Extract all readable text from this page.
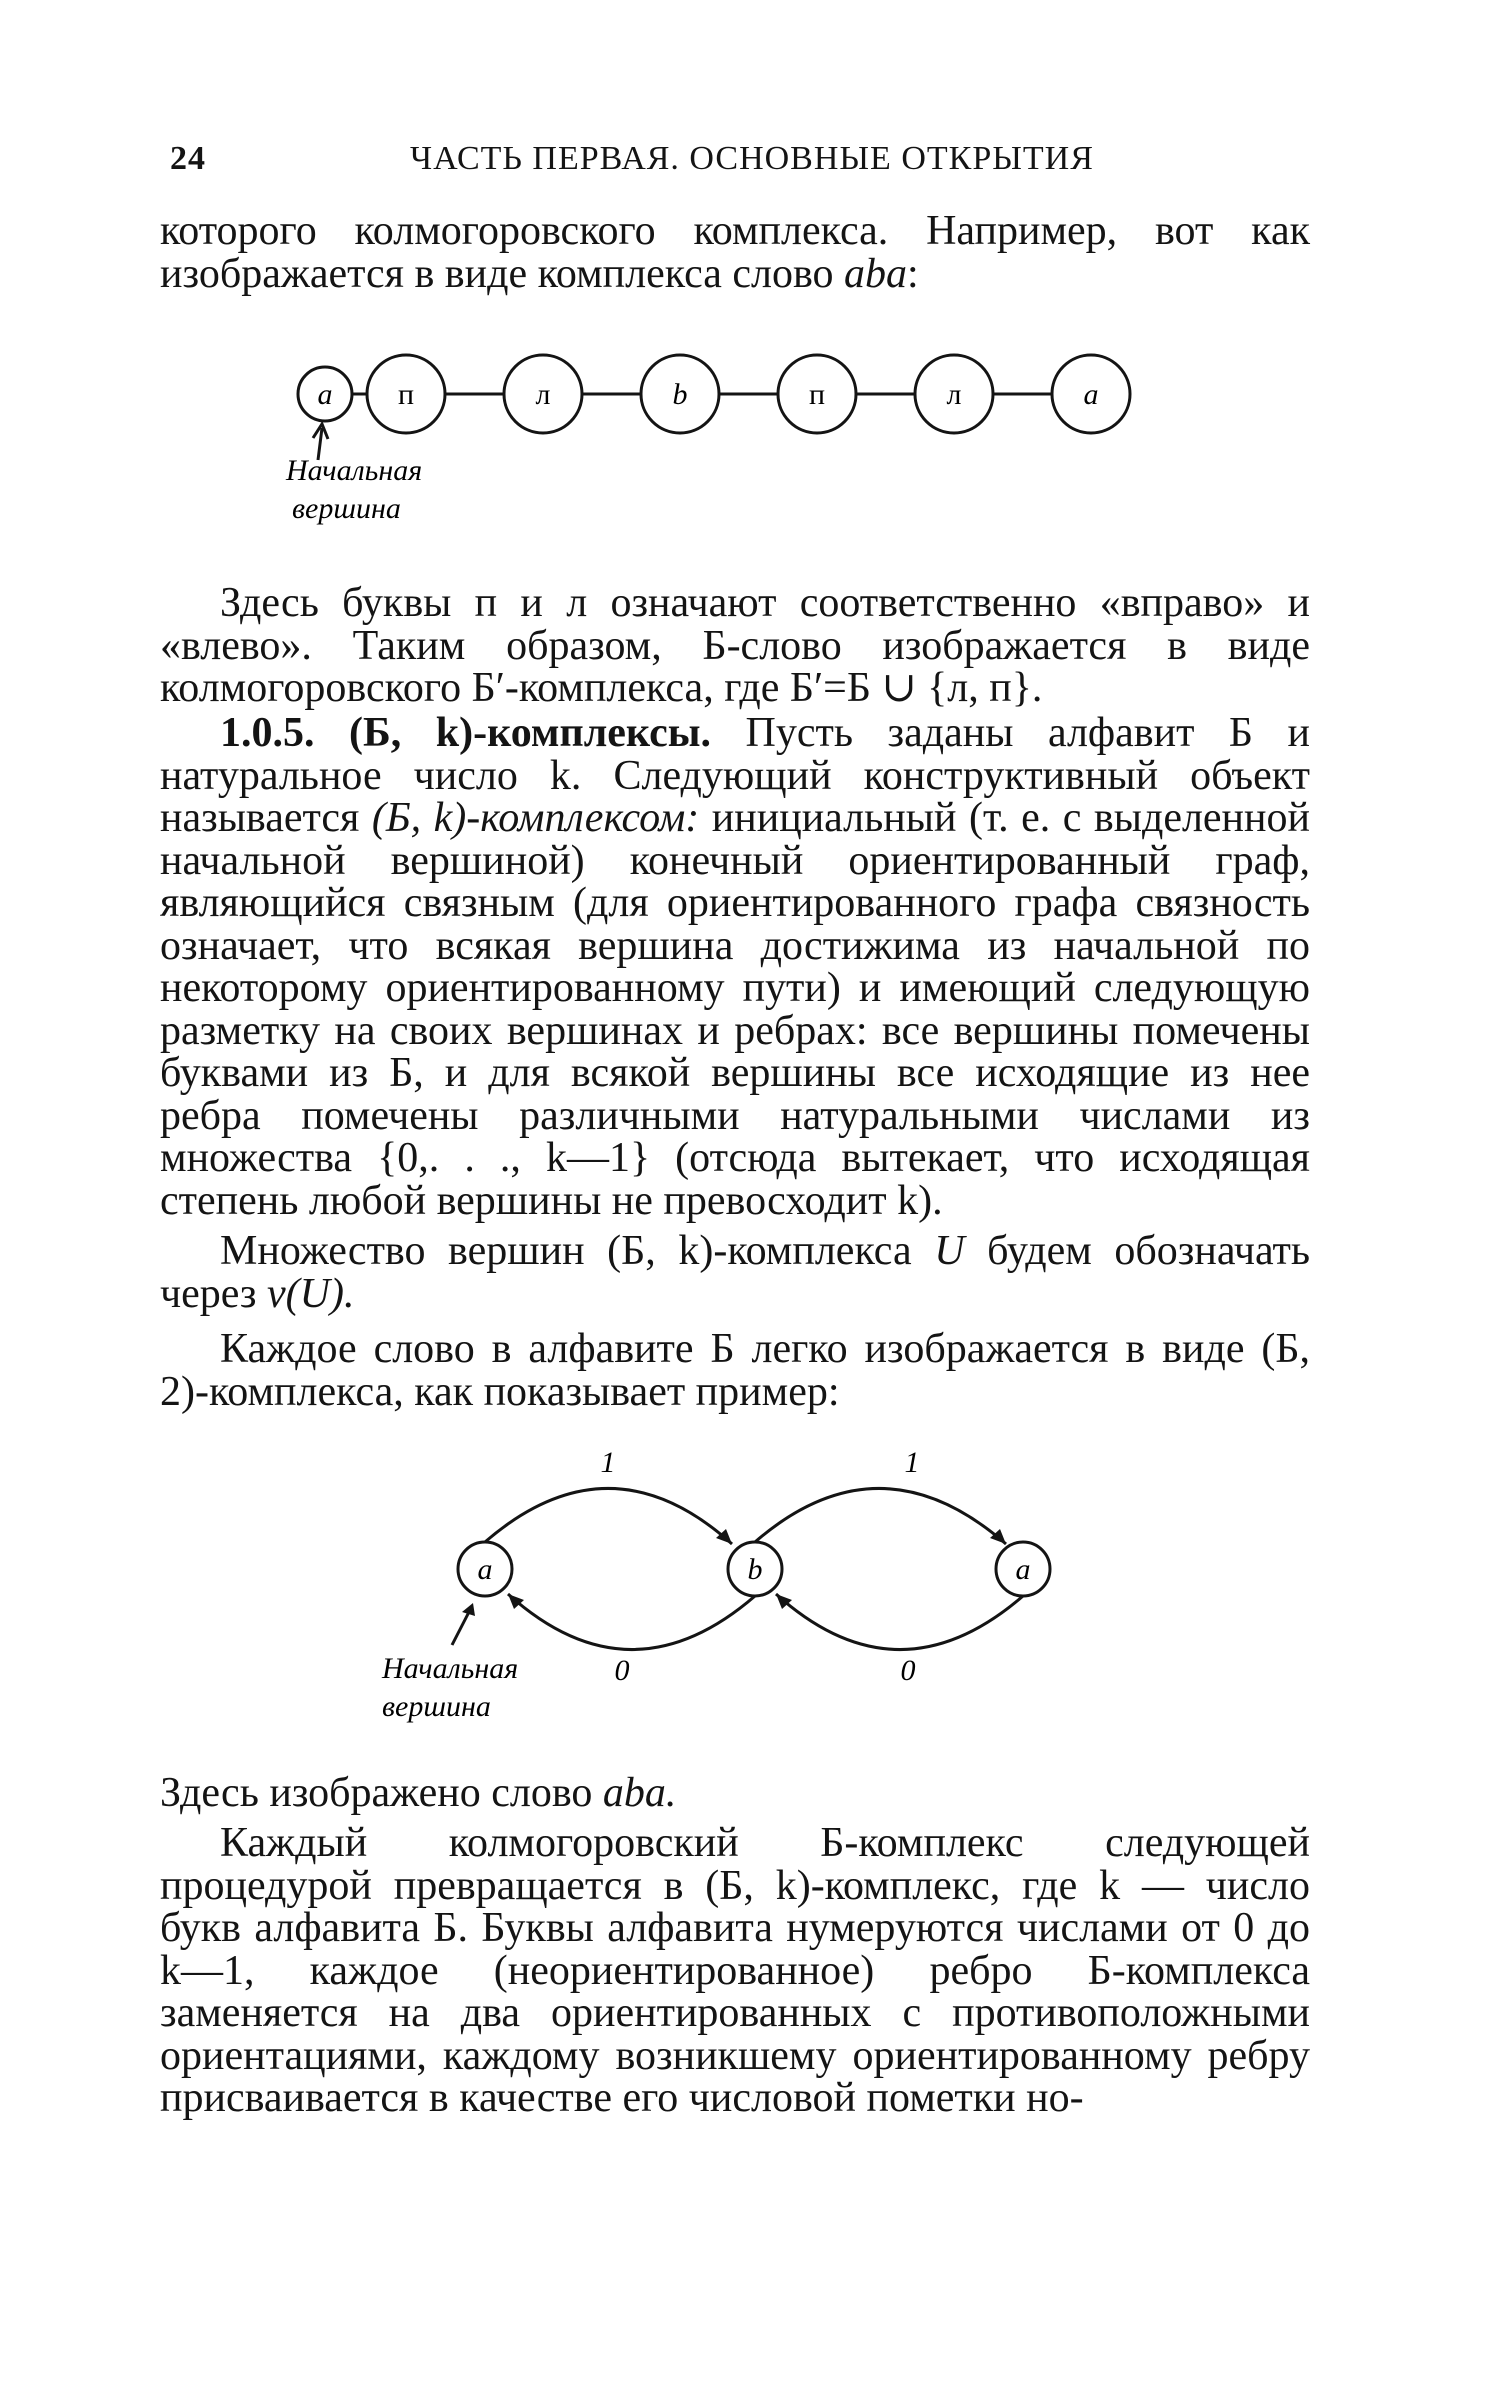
24	ЧАСТЬ ПЕРВАЯ. ОСНОВНЫЕ ОТКРЫТИЯ

которого колмогоровского комплекса. Например, вот как изображается в виде комплекса слово aba:

a п	л	b	п	л	a
Начальная
вершина

Здесь буквы п и л означают соответственно «вправо» и «влево». Таким образом, Б-слово изображается в виде колмогоровского Б′-комплекса, где Б′=Б ∪ {л, п}.

1.0.5. (Б, k)-комплексы. Пусть заданы алфавит Б и натуральное число k. Следующий конструктивный объект называется (Б, k)-комплексом: инициальный (т. е. с выделенной начальной вершиной) конечный ориентированный граф, являющийся связным (для ориентированного графа связность означает, что всякая вершина достижима из начальной по некоторому ориентированному пути) и имеющий следующую разметку на своих вершинах и ребрах: все вершины помечены буквами из Б, и для всякой вершины все исходящие из нее ребра помечены различными натуральными числами из множества {0,. . ., k—1} (отсюда вытекает, что исходящая степень любой вершины не превосходит k).

Множество вершин (Б, k)-комплекса U будем обозначать через v(U).

Каждое слово в алфавите Б легко изображается в виде (Б, 2)-комплекса, как показывает пример:

a	b	a
1	1
0	0
Начальная
вершина

Здесь изображено слово aba.

Каждый колмогоровский Б-комплекс следующей процедурой превращается в (Б, k)-комплекс, где k — число букв алфавита Б. Буквы алфавита нумеруются числами от 0 до k—1, каждое (неориентированное) ребро Б-комплекса заменяется на два ориентированных с противоположными ориентациями, каждому возникшему ориентированному ребру присваивается в качестве его числовой пометки но-
